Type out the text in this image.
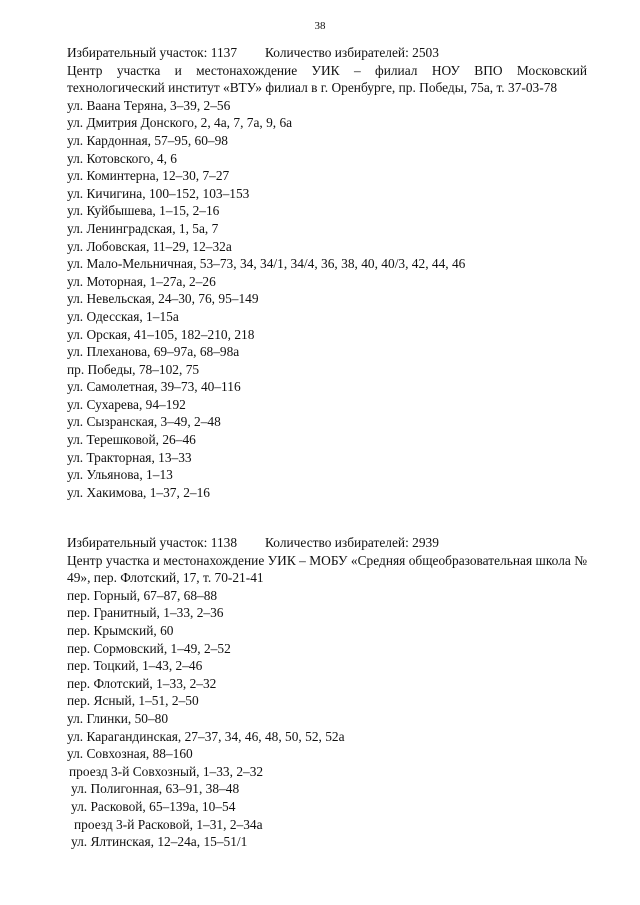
38
Избирательный участок: 1137 Количество избирателей: 2503
Центр участка и местонахождение УИК – филиал НОУ ВПО Московский технологический институт «ВТУ» филиал в г. Оренбурге, пр. Победы, 75а, т. 37-03-78
ул. Ваана Теряна, 3–39, 2–56
ул. Дмитрия Донского, 2, 4а, 7, 7а, 9, 6а
ул. Кардонная, 57–95, 60–98
ул. Котовского, 4, 6
ул. Коминтерна, 12–30, 7–27
ул. Кичигина, 100–152, 103–153
ул. Куйбышева, 1–15, 2–16
ул. Ленинградская, 1, 5а, 7
ул. Лобовская, 11–29, 12–32а
ул. Мало-Мельничная, 53–73, 34, 34/1, 34/4, 36, 38, 40, 40/3, 42, 44, 46
ул. Моторная, 1–27а, 2–26
ул. Невельская, 24–30, 76, 95–149
ул. Одесская, 1–15а
ул. Орская, 41–105, 182–210, 218
ул. Плеханова, 69–97а, 68–98а
пр. Победы, 78–102, 75
ул. Самолетная, 39–73, 40–116
ул. Сухарева, 94–192
ул. Сызранская, 3–49, 2–48
ул. Терешковой, 26–46
ул. Тракторная, 13–33
ул. Ульянова, 1–13
ул. Хакимова, 1–37, 2–16
Избирательный участок: 1138 Количество избирателей: 2939
Центр участка и местонахождение УИК – МОБУ «Средняя общеобразовательная школа № 49», пер. Флотский, 17, т. 70-21-41
пер. Горный, 67–87, 68–88
пер. Гранитный, 1–33, 2–36
пер. Крымский, 60
пер. Сормовский, 1–49, 2–52
пер. Тоцкий, 1–43, 2–46
пер. Флотский, 1–33, 2–32
пер. Ясный, 1–51, 2–50
ул. Глинки, 50–80
ул. Карагандинская, 27–37, 34, 46, 48, 50, 52, 52а
ул. Совхозная, 88–160
проезд 3-й Совхозный, 1–33, 2–32
ул. Полигонная, 63–91, 38–48
ул. Расковой, 65–139а, 10–54
проезд 3-й Расковой, 1–31, 2–34а
ул. Ялтинская, 12–24а, 15–51/1
